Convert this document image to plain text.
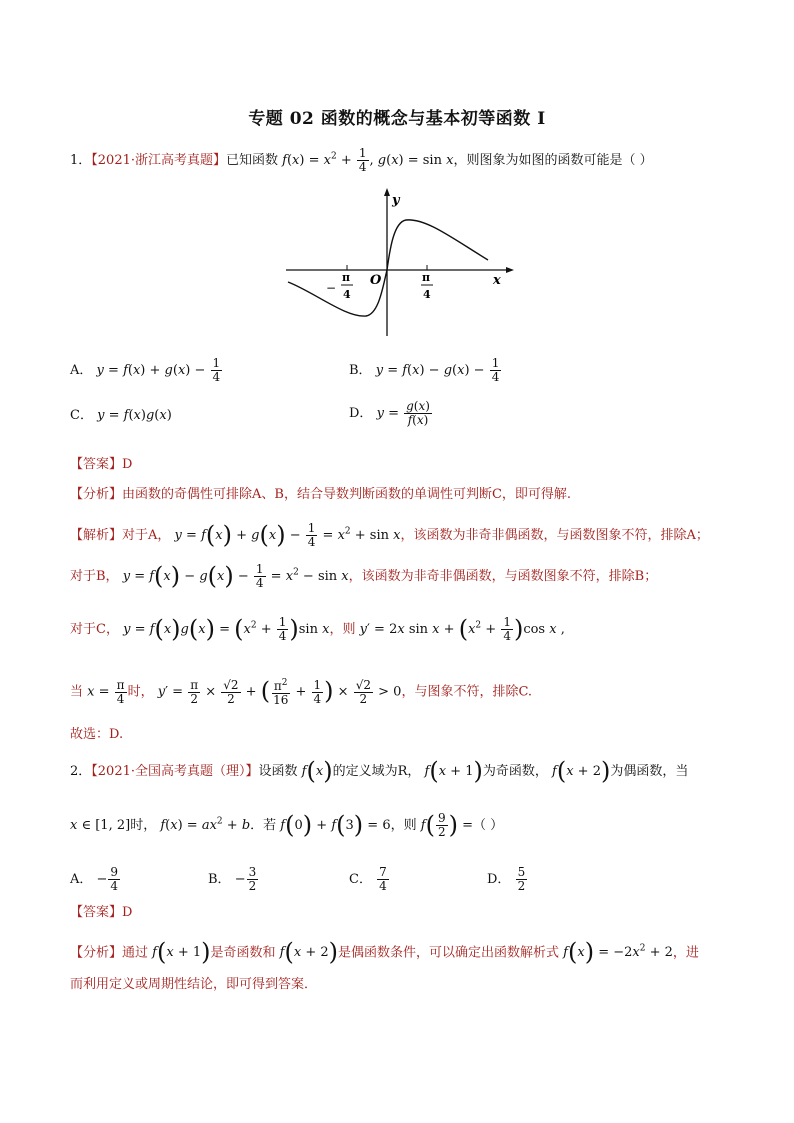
专题 02 函数的概念与基本初等函数 I
1．【2021·浙江高考真题】已知函数 $f(x) = x^2 + \frac{1}{4}$ , g(x) = sin x，则图象为如图的函数可能是（ ）
y
x
O
−
π
4
π
4
A． $y = f(x) + g(x) - \frac{1}{4}$	B． $y = f(x) - g(x) - \frac{1}{4}$
C． y = f(x)g(x)	D． $y = \frac{g(x)}{f(x)}$
【答案】D
【分析】由函数的奇偶性可排除A、B，结合导数判断函数的单调性可判断C，即可得解.
【解析】对于A， $y = f(x) + g(x) - \frac{1}{4} = x^2 + \sin x$，该函数为非奇非偶函数，与函数图象不符，排除A；
对于B， $y = f(x) - g(x) - \frac{1}{4} = x^2 - \sin x$，该函数为非奇非偶函数，与函数图象不符，排除B；
对于C， $y = f(x)g(x) = (x^2 + \frac{1}{4} )\sin$ x，则 y′ = 2x $\sin x + (x^2 + \frac{1}{4} )\cos$ x ,
当 $x = \frac{\pi}{4}$ 时， $y' = \frac{\pi}{2} \times \frac{√2}{2}$ + ( $\frac{\pi^2}{16} + \frac{1}{4}$ ) × $\frac{√2}{2} > 0$，与图象不符，排除C.
故选：D.
2．【2021·全国高考真题（理）】设函数 f(x)的定义域为R， f(x + 1)为奇函数， f(x + 2)为偶函数，当
x ∈ [1, 2]时， $f(x) = ax^2 + b$．若 f(0) + f(3) = 6，则 $f( \frac{9}{2}$ ) =（ ）
A． − $\frac{9}{4}$	B． − $\frac{3}{2}$	C． $\frac{7}{4}$	D． $\frac{5}{2}$
【答案】D
【分析】通过 f(x + 1)是奇函数和 f(x + 2)是偶函数条件，可以确定出函数解析式 $f(x) = -2x^2 + 2$，进
而利用定义或周期性结论，即可得到答案．
